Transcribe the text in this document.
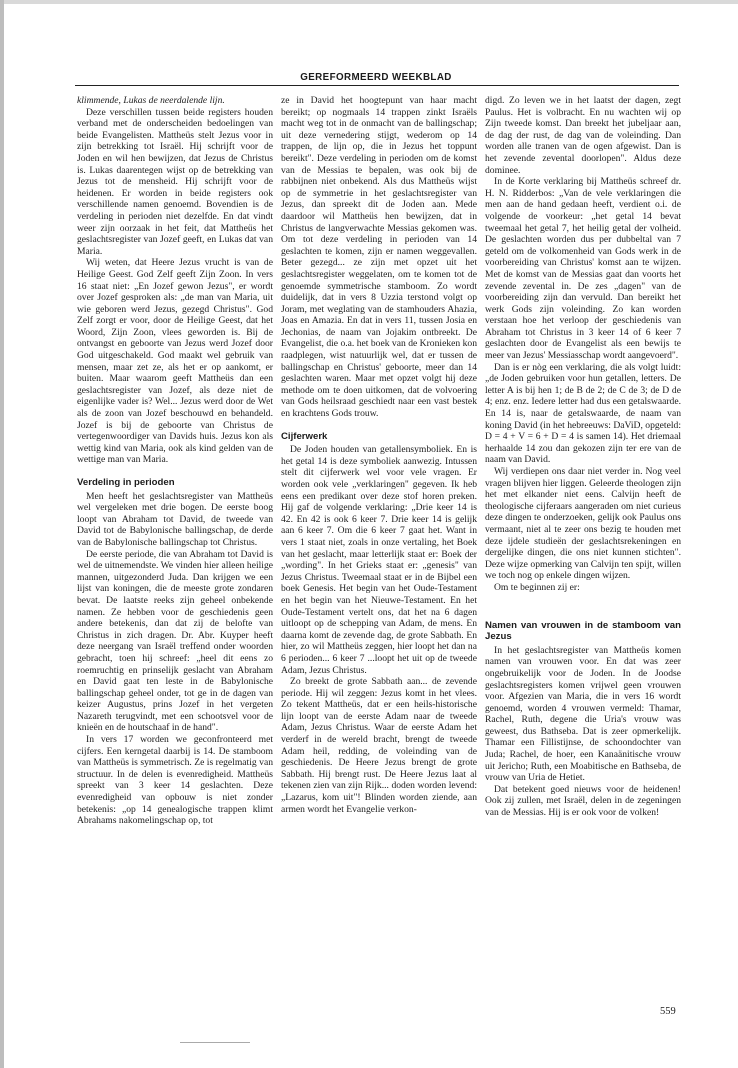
GEREFORMEERD WEEKBLAD

klimmende, Lukas de neerdalende lijn.

Deze verschillen tussen beide registers houden verband met de onderscheiden bedoelingen van beide Evangelisten. Mattheüs stelt Jezus voor in zijn betrekking tot Israël. Hij schrijft voor de Joden en wil hen bewijzen, dat Jezus de Christus is. Lukas daarentegen wijst op de betrekking van Jezus tot de mensheid. Hij schrijft voor de heidenen. Er worden in beide registers ook verschillende namen genoemd. Bovendien is de verdeling in perioden niet dezelfde. En dat vindt weer zijn oorzaak in het feit, dat Mattheüs het geslachtsregister van Jozef geeft, en Lukas dat van Maria.

Wij weten, dat Heere Jezus vrucht is van de Heilige Geest. God Zelf geeft Zijn Zoon. In vers 16 staat niet: „En Jozef gewon Jezus", er wordt over Jozef gesproken als: „de man van Maria, uit wie geboren werd Jezus, gezegd Christus". God Zelf zorgt er voor, door de Heilige Geest, dat het Woord, Zijn Zoon, vlees geworden is. Bij de ontvangst en geboorte van Jezus werd Jozef door God uitgeschakeld. God maakt wel gebruik van mensen, maar zet ze, als het er op aankomt, er buiten. Maar waarom geeft Mattheüs dan een geslachtsregister van Jozef, als deze niet de eigenlijke vader is? Wel... Jezus werd door de Wet als de zoon van Jozef beschouwd en behandeld. Jozef is bij de geboorte van Christus de vertegenwoordiger van Davids huis. Jezus kon als wettig kind van Maria, ook als kind gelden van de wettige man van Maria.

Verdeling in perioden

Men heeft het geslachtsregister van Mattheüs wel vergeleken met drie bogen. De eerste boog loopt van Abraham tot David, de tweede van David tot de Babylonische ballingschap, de derde van de Babylonische ballingschap tot Christus.

De eerste periode, die van Abraham tot David is wel de uitnemendste. We vinden hier alleen heilige mannen, uitgezonderd Juda. Dan krijgen we een lijst van koningen, die de meeste grote zondaren bevat. De laatste reeks zijn geheel onbekende namen. Ze hebben voor de geschiedenis geen andere betekenis, dan dat zij de belofte van Christus in zich dragen. Dr. Abr. Kuyper heeft deze neergang van Israël treffend onder woorden gebracht, toen hij schreef: „heel dit eens zo roemruchtig en prinselijk geslacht van Abraham en David gaat ten leste in de Babylonische ballingschap geheel onder, tot ge in de dagen van keizer Augustus, prins Jozef in het vergeten Nazareth terugvindt, met een schootsvel voor de knieën en de houtschaaf in de hand".

In vers 17 worden we geconfronteerd met cijfers. Een kerngetal daarbij is 14. De stamboom van Mattheüs is symmetrisch. Ze is regelmatig van structuur. In de delen is evenredigheid. Mattheüs spreekt van 3 keer 14 geslachten. Deze evenredigheid van opbouw is niet zonder betekenis: „op 14 genealogische trappen klimt Abrahams nakomelingschap op, tot

ze in David het hoogtepunt van haar macht bereikt; op nogmaals 14 trappen zinkt Israëls macht weg tot in de onmacht van de ballingschap; uit deze vernedering stijgt, wederom op 14 trappen, de lijn op, die in Jezus het toppunt bereikt". Deze verdeling in perioden om de komst van de Messias te bepalen, was ook bij de rabbijnen niet onbekend. Als dus Mattheüs wijst op de symmetrie in het geslachtsregister van Jezus, dan spreekt dit de Joden aan. Mede daardoor wil Mattheüs hen bewijzen, dat in Christus de langverwachte Messias gekomen was. Om tot deze verdeling in perioden van 14 geslachten te komen, zijn er namen weggevallen. Beter gezegd... ze zijn met opzet uit het geslachtsregister weggelaten, om te komen tot de genoemde symmetrische stamboom. Zo wordt duidelijk, dat in vers 8 Uzzia terstond volgt op Joram, met weglating van de stamhouders Ahazia, Joas en Amazia. En dat in vers 11, tussen Josia en Jechonias, de naam van Jojakim ontbreekt. De Evangelist, die o.a. het boek van de Kronieken kon raadplegen, wist natuurlijk wel, dat er tussen de ballingschap en Christus' geboorte, meer dan 14 geslachten waren. Maar met opzet volgt hij deze methode om te doen uitkomen, dat de volvoering van Gods heilsraad geschiedt naar een vast bestek en krachtens Gods trouw.

Cijferwerk

De Joden houden van getallensymboliek. En is het getal 14 is deze symboliek aanwezig. Intussen stelt dit cijferwerk wel voor vele vragen. Er worden ook vele „verklaringen" gegeven. Ik heb eens een predikant over deze stof horen preken. Hij gaf de volgende verklaring: „Drie keer 14 is 42. En 42 is ook 6 keer 7. Drie keer 14 is gelijk aan 6 keer 7. Om die 6 keer 7 gaat het. Want in vers 1 staat niet, zoals in onze vertaling, het Boek van het geslacht, maar letterlijk staat er: Boek der „wording". In het Grieks staat er: „genesis" van Jezus Christus. Tweemaal staat er in de Bijbel een boek Genesis. Het begin van het Oude-Testament en het begin van het Nieuwe-Testament. En het Oude-Testament vertelt ons, dat het na 6 dagen uitloopt op de schepping van Adam, de mens. En daarna komt de zevende dag, de grote Sabbath. En hier, zo wil Mattheüs zeggen, hier loopt het dan na 6 perioden... 6 keer 7 ...loopt het uit op de tweede Adam, Jezus Christus.

Zo breekt de grote Sabbath aan... de zevende periode. Hij wil zeggen: Jezus komt in het vlees. Zo tekent Mattheüs, dat er een heils-historische lijn loopt van de eerste Adam naar de tweede Adam, Jezus Christus. Waar de eerste Adam het verderf in de wereld bracht, brengt de tweede Adam heil, redding, de voleinding van de geschiedenis. De Heere Jezus brengt de grote Sabbath. Hij brengt rust. De Heere Jezus laat al tekenen zien van zijn Rijk... doden worden levend: „Lazarus, kom uit"! Blinden worden ziende, aan armen wordt het Evangelie verkon-

digd. Zo leven we in het laatst der dagen, zegt Paulus. Het is volbracht. En nu wachten wij op Zijn tweede komst. Dan breekt het jubeljaar aan, de dag der rust, de dag van de voleinding. Dan worden alle tranen van de ogen afgewist. Dan is het zevende zevental doorlopen". Aldus deze dominee.

In de Korte verklaring bij Mattheüs schreef dr. H. N. Ridderbos: „Van de vele verklaringen die men aan de hand gedaan heeft, verdient o.i. de volgende de voorkeur: „het getal 14 bevat tweemaal het getal 7, het heilig getal der volheid. De geslachten worden dus per dubbeltal van 7 geteld om de volkomenheid van Gods werk in de voorbereiding van Christus' komst aan te wijzen. Met de komst van de Messias gaat dan voorts het zevende zevental in. De zes „dagen" van de voorbereiding zijn dan vervuld. Dan bereikt het werk Gods zijn voleinding. Zo kan worden verstaan hoe het verloop der geschiedenis van Abraham tot Christus in 3 keer 14 of 6 keer 7 geslachten door de Evangelist als een bewijs te meer van Jezus' Messiasschap wordt aangevoerd".

Dan is er nòg een verklaring, die als volgt luidt: „de Joden gebruiken voor hun getallen, letters. De letter A is bij hen 1; de B de 2; de C de 3; de D de 4; enz. enz. Iedere letter had dus een getalswaarde. En 14 is, naar de getalswaarde, de naam van koning David (in het hebreeuws: DaViD, opgeteld: D = 4 + V = 6 + D = 4 is samen 14). Het driemaal herhaalde 14 zou dan gekozen zijn ter ere van de naam van David.

Wij verdiepen ons daar niet verder in. Nog veel vragen blijven hier liggen. Geleerde theologen zijn het met elkander niet eens. Calvijn heeft de theologische cijferaars aangeraden om niet curieus deze dingen te onderzoeken, gelijk ook Paulus ons vermaant, niet al te zeer ons bezig te houden met deze ijdele studieën der geslachtsrekeningen en dergelijke dingen, die ons niet kunnen stichten". Deze wijze opmerking van Calvijn ten spijt, willen we toch nog op enkele dingen wijzen.

Om te beginnen zij er:

Namen van vrouwen in de stamboom van Jezus

In het geslachtsregister van Mattheüs komen namen van vrouwen voor. En dat was zeer ongebruikelijk voor de Joden. In de Joodse geslachtsregisters komen vrijwel geen vrouwen voor. Afgezien van Maria, die in vers 16 wordt genoemd, worden 4 vrouwen vermeld: Thamar, Rachel, Ruth, degene die Uria's vrouw was geweest, dus Bathseba. Dat is zeer opmerkelijk. Thamar een Fillistijnse, de schoondochter van Juda; Rachel, de hoer, een Kanaänitische vrouw uit Jericho; Ruth, een Moabitische en Bathseba, de vrouw van Uria de Hetiet.

Dat betekent goed nieuws voor de heidenen! Ook zij zullen, met Israël, delen in de zegeningen van de Messias. Hij is er ook voor de volken!

559
